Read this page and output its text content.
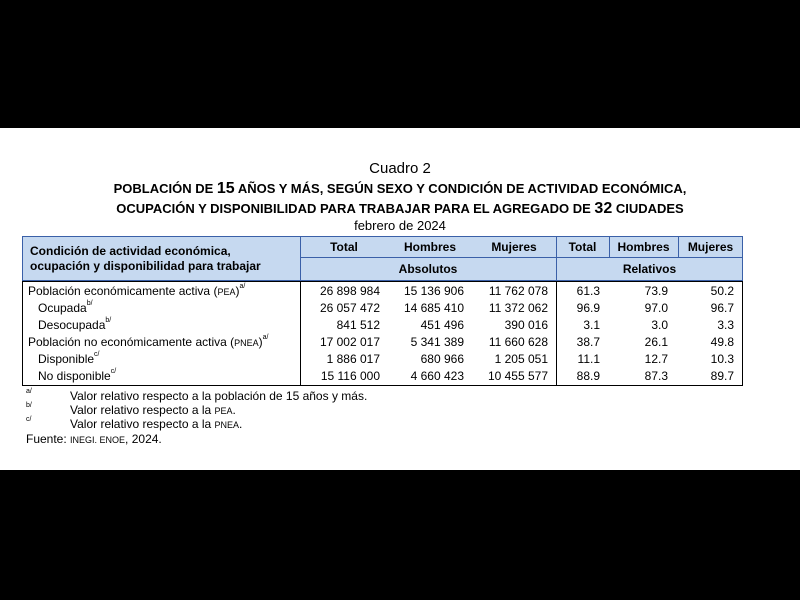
Cuadro 2
POBLACIÓN DE 15 AÑOS Y MÁS, SEGÚN SEXO Y CONDICIÓN DE ACTIVIDAD ECONÓMICA,
OCUPACIÓN Y DISPONIBILIDAD PARA TRABAJAR PARA EL AGREGADO DE 32 CIUDADES
febrero de 2024
Condición de actividad económica,
ocupación y disponibilidad para trabajar
Total	Hombres	Mujeres	Total	Hombres	Mujeres
Absolutos	Relativos
Población económicamente activa (PEA)$^{a/}$	26 898 984	15 136 906	11 762 078	61.3	73.9	50.2
Ocupada$^{b/}$	26 057 472	14 685 410	11 372 062	96.9	97.0	96.7
Desocupada$^{b/}$	841 512	451 496	390 016	3.1	3.0	3.3
Población no económicamente activa (PNEA)$^{a/}$	17 002 017	5 341 389	11 660 628	38.7	26.1	49.8
Disponible$^{c/}$	1 886 017	680 966	1 205 051	11.1	12.7	10.3
No disponible$^{c/}$	15 116 000	4 660 423	10 455 577	88.9	87.3	89.7
a/	Valor relativo respecto a la población de 15 años y más.
b/	Valor relativo respecto a la PEA.
c/	Valor relativo respecto a la PNEA.
Fuente: INEGI. ENOE, 2024.
